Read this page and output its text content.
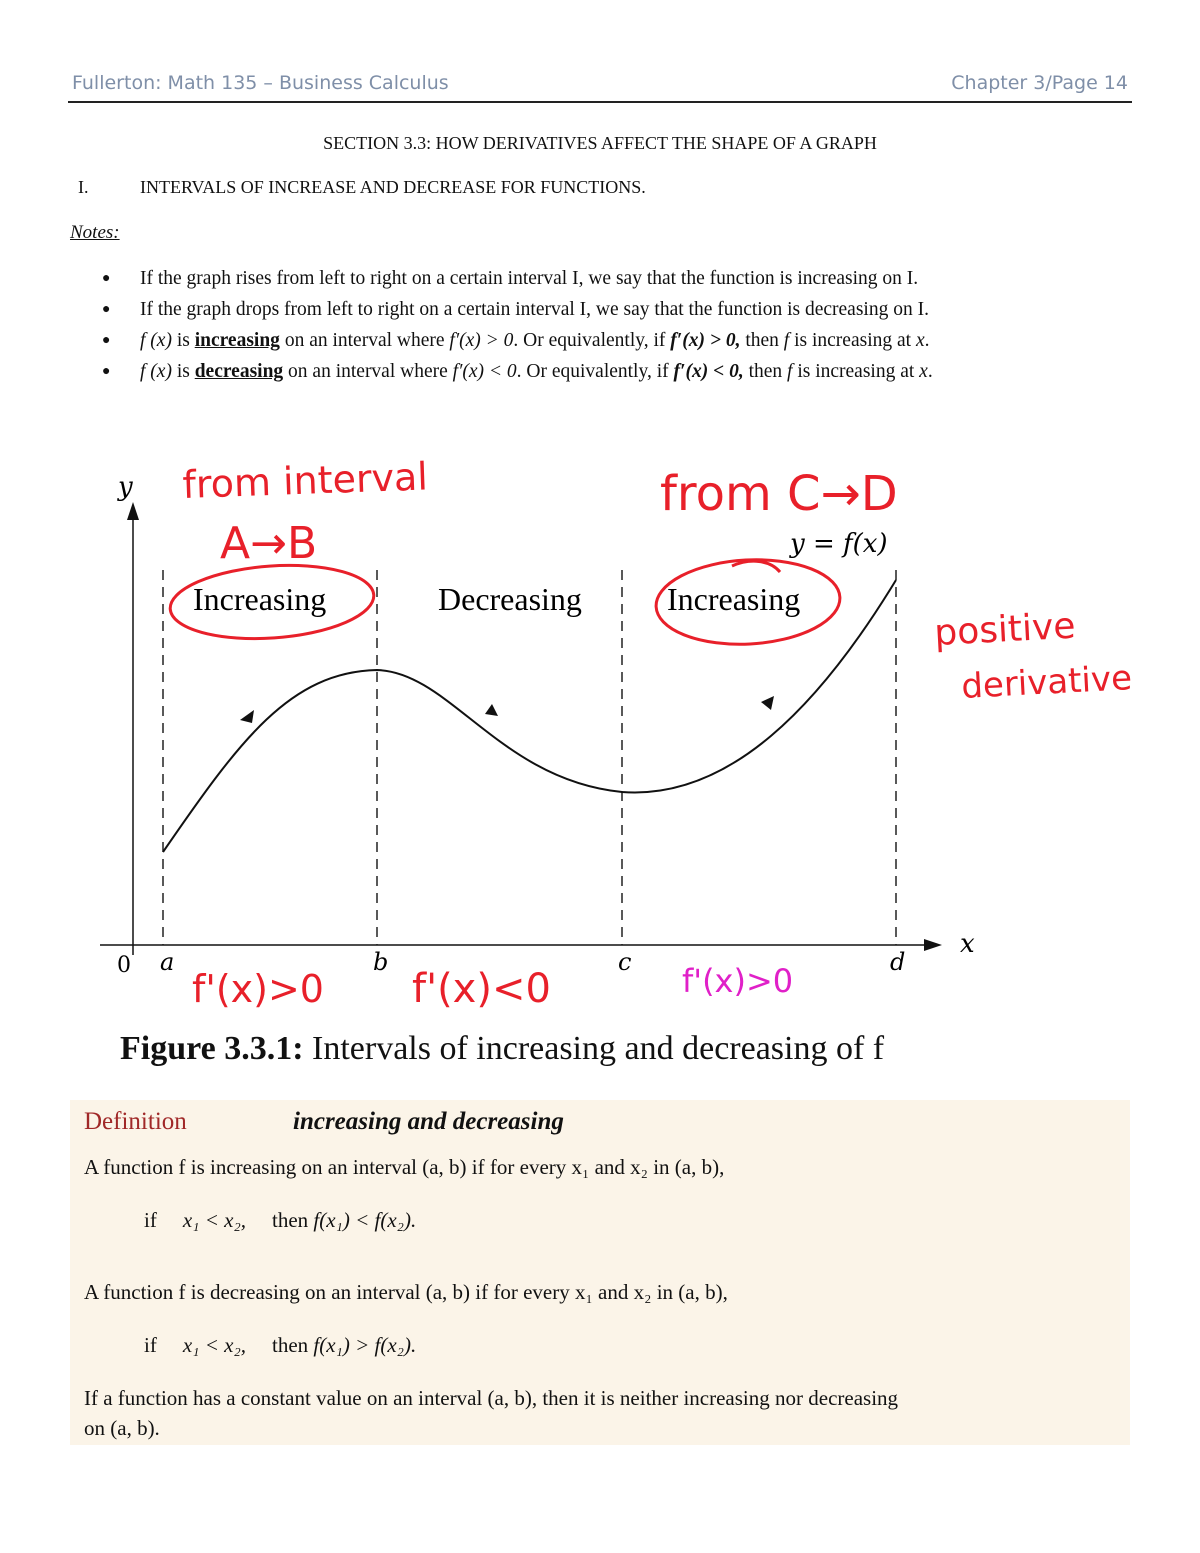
Fullerton: Math 135 – Business Calculus	Chapter 3/Page 14
SECTION 3.3: HOW DERIVATIVES AFFECT THE SHAPE OF A GRAPH
I.	INTERVALS OF INCREASE AND DECREASE FOR FUNCTIONS.
Notes:
● If the graph rises from left to right on a certain interval I, we say that the function is increasing on I.
● If the graph drops from left to right on a certain interval I, we say that the function is decreasing on I.
● f (x) is increasing on an interval where f′(x) > 0. Or equivalently, if f′(x) > 0, then f is increasing at x.
● f (x) is decreasing on an interval where f′(x) < 0. Or equivalently, if f′(x) < 0, then f is increasing at x.
y
x
0 a	b	c	d
y = f(x)
Increasing	Decreasing	Increasing
from interval
A→B
from C→D
positive
derivative
f'(x)>0 f'(x)<0	f'(x)>0
Figure 3.3.1: Intervals of increasing and decreasing of f
Definition	increasing and decreasing
A function f is increasing on an interval (a, b) if for every x₁ and x₂ in (a, b),
if x₁ < x₂, then f(x₁) < f(x₂).
A function f is decreasing on an interval (a, b) if for every x₁ and x₂ in (a, b),
if x₁ < x₂, then f(x₁) > f(x₂).
If a function has a constant value on an interval (a, b), then it is neither increasing nor decreasing
on (a, b).
